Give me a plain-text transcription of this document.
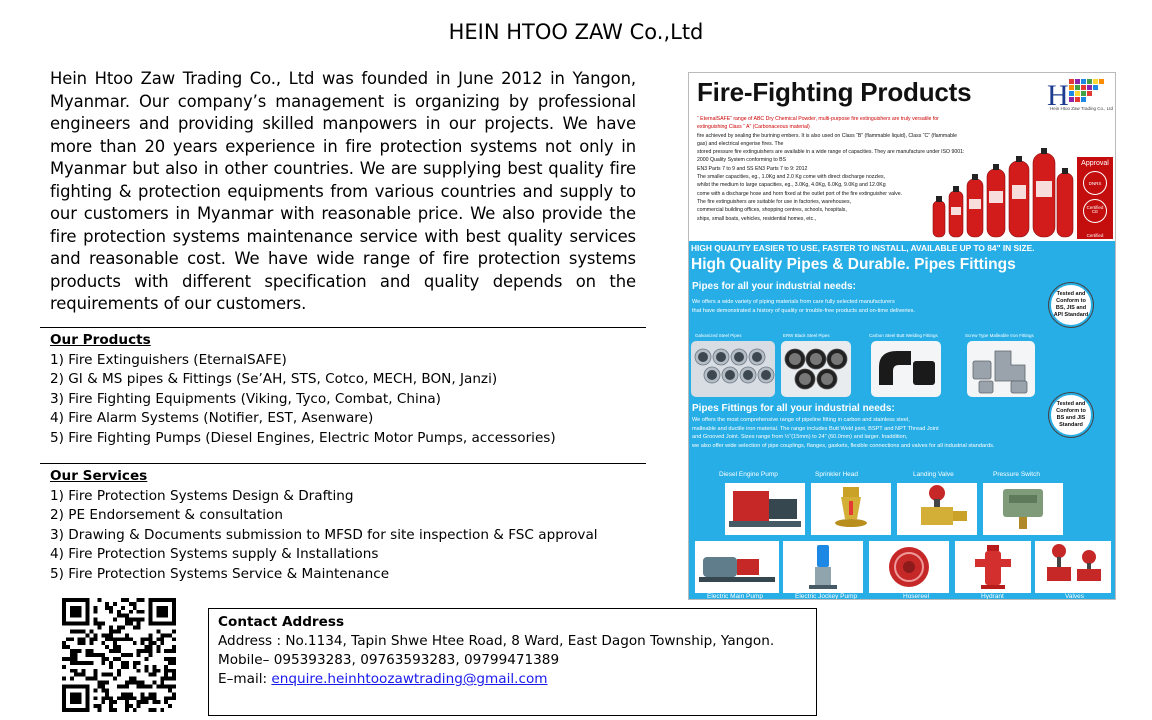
HEIN HTOO ZAW Co.,Ltd

Hein Htoo Zaw Trading Co., Ltd was founded in June 2012 in Yangon, Myanmar. Our company’s management is organizing by professional engineers and providing skilled manpowers in our projects. We have more than 20 years experience in fire protection systems not only in Myanmar but also in other countries. We are supplying best quality fire fighting & protection equipments from various countries and supply to our customers in Myanmar with reasonable price. We also provide the fire protection systems maintenance service with best quality services and reasonable cost. We have wide range of fire protection systems products with different specification and quality depends on the requirements of our customers.

Our Products
1) Fire Extinguishers (EternalSAFE)
2) GI & MS pipes & Fittings (Se’AH, STS, Cotco, MECH, BON, Janzi)
3) Fire Fighting Equipments (Viking, Tyco, Combat, China)
4) Fire Alarm Systems (Notifier, EST, Asenware)
5) Fire Fighting Pumps (Diesel Engines, Electric Motor Pumps, accessories)
Our Services
1) Fire Protection Systems Design & Drafting
2) PE Endorsement & consultation
3) Drawing & Documents submission to MFSD for site inspection & FSC approval
4) Fire Protection Systems supply & Installations
5) Fire Protection Systems Service & Maintenance
Contact Address
Address : No.1134, Tapin Shwe Htee Road, 8 Ward, East Dagon Township, Yangon.
Mobile– 095393283, 09763593283, 09799471389
E–mail: enquire.heinhtoozawtrading@gmail.com
Fire-Fighting Products	H
Hein Htoo Zaw Trading Co., Ltd
“ EternalSAFE” range of ABC Dry Chemical Powder, multi-purpose fire extinguishers are truly versatile for extinguishing Class “ A” (Carbonaceous material)
fire achieved by sealing the burining embers. It is also used on Class “B” (flammable liquid), Class “C” (flammable gas) and electrical engerise fires. The
stored pressure fire extinguishers are available in a wide range of capacities. They are manufacture under ISO 9001: 2000 Quality System conforming to BS
EN3 Parts 7 to 9 and SS EN3 Parts 7 to 9: 2012
The smaller capacities, eg., 1.0Kg and 2.0 Kg come with direct discharge nozzles,
whilst the medium to large capacities, eg., 3.0Kg, 4.0Kg, 6.0Kg, 9.0Kg and 12.0Kg
come with a discharge hose and horn fixed at the outlet port of the fire extinguisher valve.
The fire extinguishers are suitable for use in factories, warehouses,
commercial building offices, shopping centres, schools, hospitals,
ships, small boats, vehicles, residential homes, etc.,
Approval
DNRS Certified
CE Certified
HIGH QUALITY EASIER TO USE, FASTER TO INSTALL, AVAILABLE UP TO 84" IN SIZE.
High Quality Pipes & Durable. Pipes Fittings
Pipes for all your industrial needs:
We offers a wide variety of piping materials from care fully selected manufacturers
that have demonstrated a history of quality or trouble-free products and on-time deliveries.
Tested and Conform to BS, JIS and API Standard
Galvanized Steel Pipes	ERW Black Steel Pipes	Carbon Steel Butt Welding Fittings	Screw Type Malleable Iron Fittings
Pipes Fittings for all your industrial needs:
We offers the most comprehensive range of pipeline fitting in carbon and stainless steel,
malleable and ductile iron material. The range includes Butt Weld joint, BSPT and NPT Thread Joint
and Grooved Joint. Sizes range from ½"(15mm) to 24" (60.0mm) and larger. Inaddition,
we also offer wide selection of pipe couplings, flanges, gaskets, flexible connections and valves for all industrial standards.
Tested and Conform to BS and JIS Standard
Diesel Engine Pump	Sprinkler Head	Landing Valve	Pressure Switch
Electric Main Pump	Electric Jockey Pump	Hosereel	Hydrant	Valves
